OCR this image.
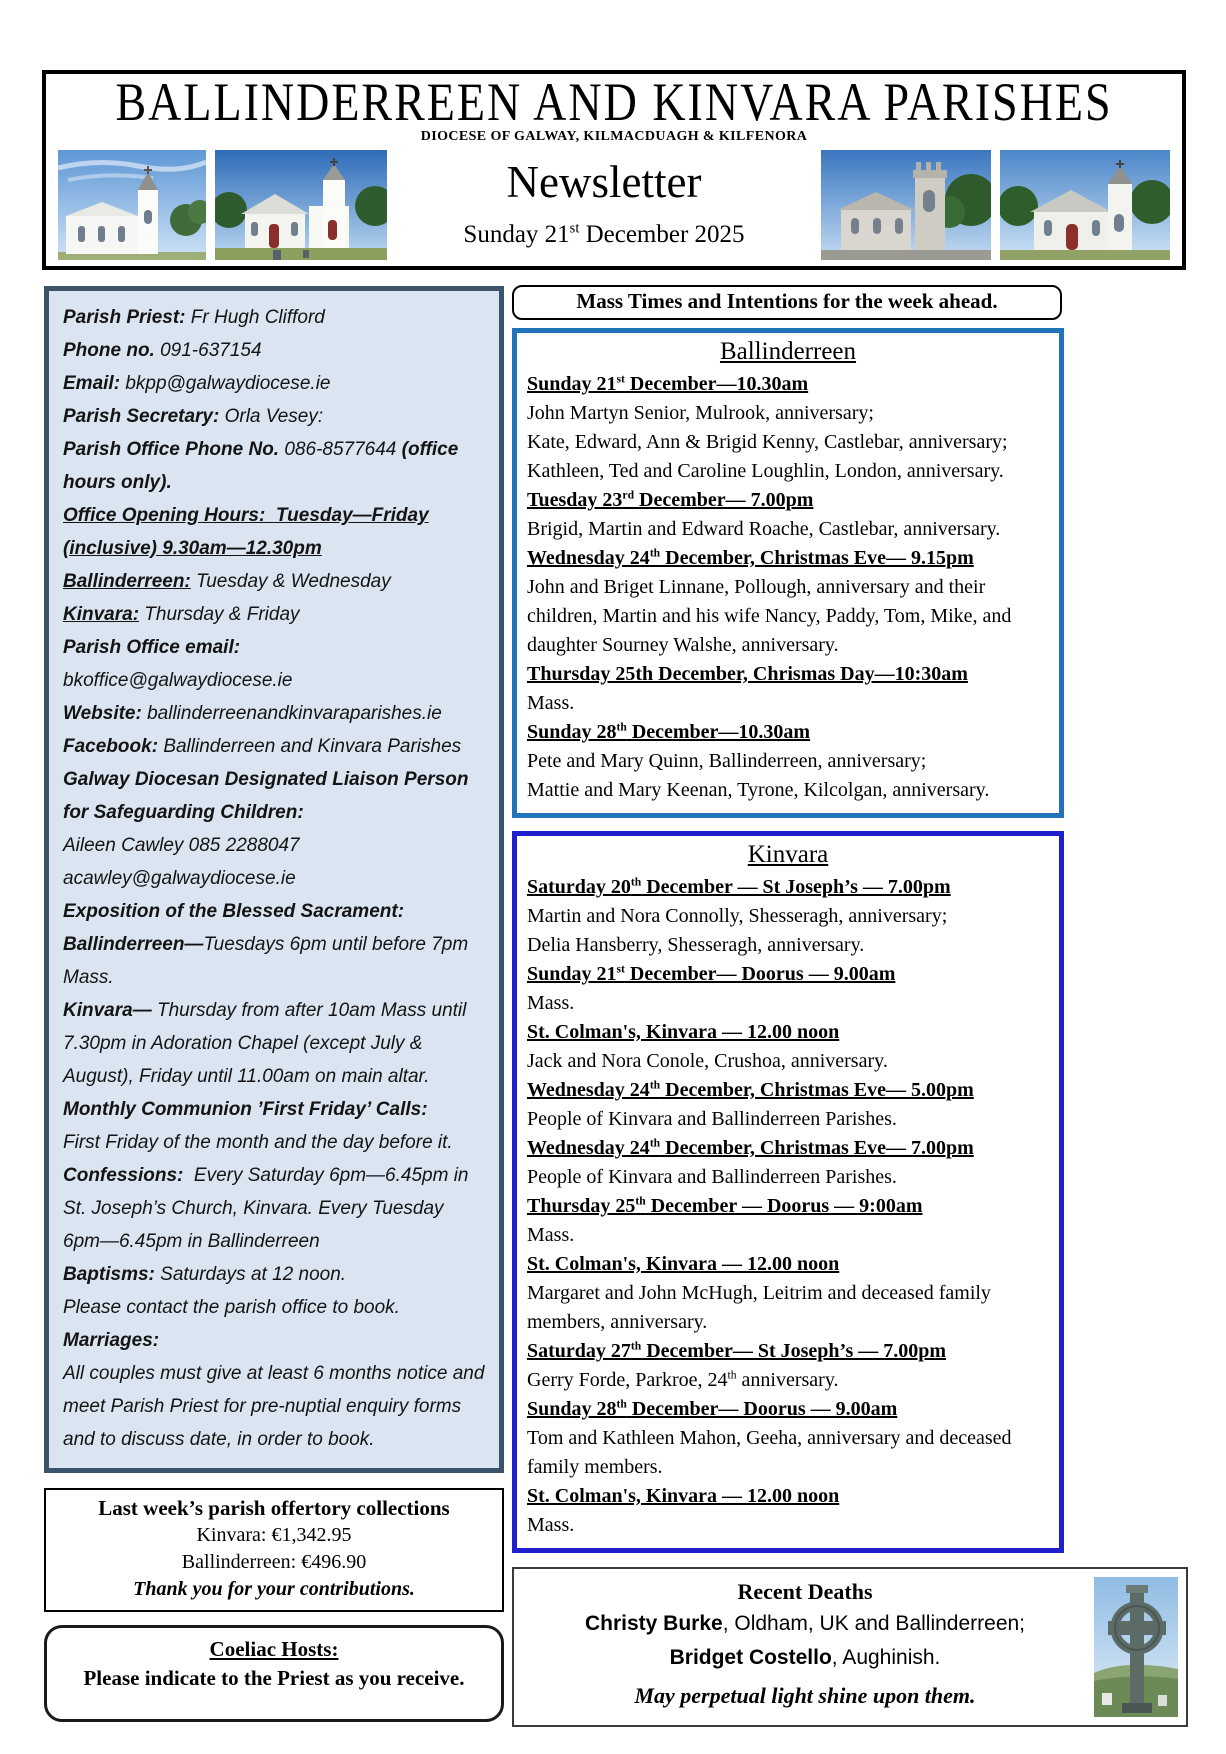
BALLINDERREEN AND KINVARA PARISHES
DIOCESE OF GALWAY, KILMACDUAGH & KILFENORA
Newsletter
Sunday 21st December 2025
Parish Priest: Fr Hugh Clifford
Phone no. 091-637154
Email: bkpp@galwaydiocese.ie
Parish Secretary: Orla Vesey:
Parish Office Phone No. 086-8577644 (office hours only).
Office Opening Hours:  Tuesday—Friday (inclusive) 9.30am—12.30pm
Ballinderreen: Tuesday & Wednesday
Kinvara: Thursday & Friday
Parish Office email:
bkoffice@galwaydiocese.ie
Website: ballinderreenandkinvaraparishes.ie
Facebook: Ballinderreen and Kinvara Parishes
Galway Diocesan Designated Liaison Person for Safeguarding Children:
Aileen Cawley 085 2288047
acawley@galwaydiocese.ie
Exposition of the Blessed Sacrament:
Ballinderreen—Tuesdays 6pm until before 7pm Mass.
Kinvara— Thursday from after 10am Mass until 7.30pm in Adoration Chapel (except July & August), Friday until 11.00am on main altar.
Monthly Communion ’First Friday’ Calls:
First Friday of the month and the day before it.
Confessions:  Every Saturday 6pm—6.45pm in St. Joseph’s Church, Kinvara. Every Tuesday 6pm—6.45pm in Ballinderreen
Baptisms: Saturdays at 12 noon.
Please contact the parish office to book.
Marriages:
All couples must give at least 6 months notice and meet Parish Priest for pre-nuptial enquiry forms and to discuss date, in order to book.
Last week’s parish offertory collections
Kinvara: €1,342.95
Ballinderreen: €496.90
Thank you for your contributions.
Coeliac Hosts:
Please indicate to the Priest as you receive.
Mass Times and Intentions for the week ahead.
Ballinderreen
Sunday 21st December—10.30am
John Martyn Senior, Mulrook, anniversary;
Kate, Edward, Ann & Brigid Kenny, Castlebar, anniversary;
Kathleen, Ted and Caroline Loughlin, London, anniversary.
Tuesday 23rd December— 7.00pm
Brigid, Martin and Edward Roache, Castlebar, anniversary.
Wednesday 24th December, Christmas Eve— 9.15pm
John and Briget Linnane, Pollough, anniversary and their children, Martin and his wife Nancy, Paddy, Tom, Mike, and daughter Sourney Walshe, anniversary.
Thursday 25th December, Chrismas Day—10:30am
Mass.
Sunday 28th December—10.30am
Pete and Mary Quinn, Ballinderreen, anniversary;
Mattie and Mary Keenan, Tyrone, Kilcolgan, anniversary.
Kinvara
Saturday 20th December — St Joseph’s — 7.00pm
Martin and Nora Connolly, Shesseragh, anniversary;
Delia Hansberry, Shesseragh, anniversary.
Sunday 21st December— Doorus — 9.00am
Mass.
St. Colman's, Kinvara — 12.00 noon
Jack and Nora Conole, Crushoa, anniversary.
Wednesday 24th December, Christmas Eve— 5.00pm
People of Kinvara and Ballinderreen Parishes.
Wednesday 24th December, Christmas Eve— 7.00pm
People of Kinvara and Ballinderreen Parishes.
Thursday 25th December — Doorus — 9:00am
Mass.
St. Colman's, Kinvara — 12.00 noon
Margaret and John McHugh, Leitrim and deceased family members, anniversary.
Saturday 27th December— St Joseph’s — 7.00pm
Gerry Forde, Parkroe, 24th anniversary.
Sunday 28th December— Doorus — 9.00am
Tom and Kathleen Mahon, Geeha, anniversary and deceased family members.
St. Colman's, Kinvara — 12.00 noon
Mass.
Recent Deaths
Christy Burke, Oldham, UK and Ballinderreen;
Bridget Costello, Aughinish.
May perpetual light shine upon them.
